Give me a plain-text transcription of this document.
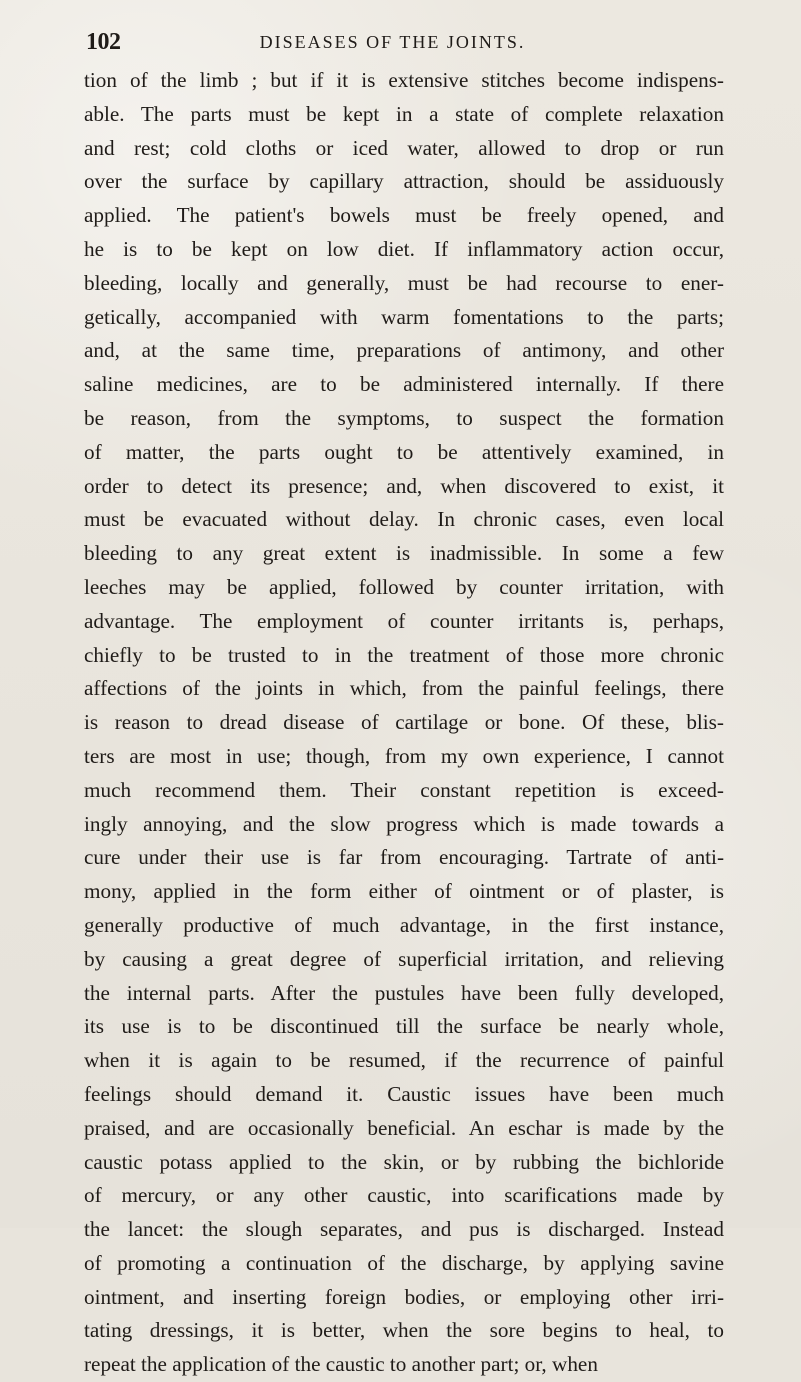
102	DISEASES OF THE JOINTS.
tion of the limb ; but if it is extensive stitches become indispens-
able. The parts must be kept in a state of complete relaxation
and rest; cold cloths or iced water, allowed to drop or run
over the surface by capillary attraction, should be assiduously
applied. The patient's bowels must be freely opened, and
he is to be kept on low diet. If inflammatory action occur,
bleeding, locally and generally, must be had recourse to ener-
getically, accompanied with warm fomentations to the parts;
and, at the same time, preparations of antimony, and other
saline medicines, are to be administered internally. If there
be reason, from the symptoms, to suspect the formation
of matter, the parts ought to be attentively examined, in
order to detect its presence; and, when discovered to exist, it
must be evacuated without delay. In chronic cases, even local
bleeding to any great extent is inadmissible. In some a few
leeches may be applied, followed by counter irritation, with
advantage. The employment of counter irritants is, perhaps,
chiefly to be trusted to in the treatment of those more chronic
affections of the joints in which, from the painful feelings, there
is reason to dread disease of cartilage or bone. Of these, blis-
ters are most in use; though, from my own experience, I cannot
much recommend them. Their constant repetition is exceed-
ingly annoying, and the slow progress which is made towards a
cure under their use is far from encouraging. Tartrate of anti-
mony, applied in the form either of ointment or of plaster, is
generally productive of much advantage, in the first instance,
by causing a great degree of superficial irritation, and relieving
the internal parts. After the pustules have been fully developed,
its use is to be discontinued till the surface be nearly whole,
when it is again to be resumed, if the recurrence of painful
feelings should demand it. Caustic issues have been much
praised, and are occasionally beneficial. An eschar is made by the
caustic potass applied to the skin, or by rubbing the bichloride
of mercury, or any other caustic, into scarifications made by
the lancet: the slough separates, and pus is discharged. Instead
of promoting a continuation of the discharge, by applying savine
ointment, and inserting foreign bodies, or employing other irri-
tating dressings, it is better, when the sore begins to heal, to
repeat the application of the caustic to another part; or, when
